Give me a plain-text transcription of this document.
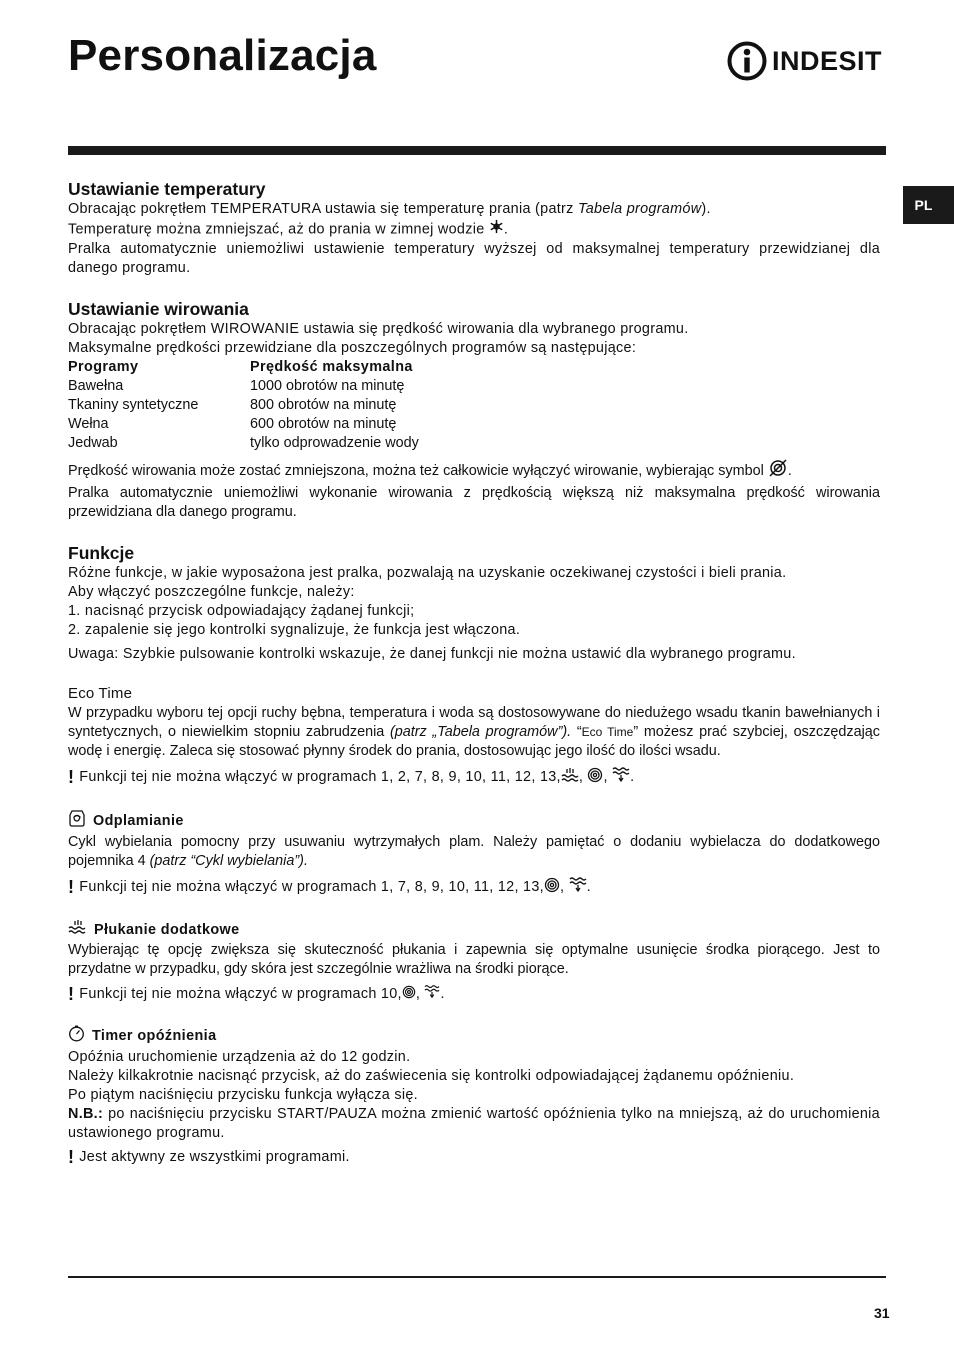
Personalizacja	INDESIT
PL
Ustawianie temperatury

Obracając pokrętłem TEMPERATURA ustawia się temperaturę prania (patrz Tabela programów).

Temperaturę można zmniejszać, aż do prania w zimnej wodzie .

Pralka automatycznie uniemożliwi ustawienie temperatury wyższej od maksymalnej temperatury przewidzianej dla danego programu.

Ustawianie wirowania

Obracając pokrętłem WIROWANIE ustawia się prędkość wirowania dla wybranego programu.

Maksymalne prędkości przewidziane dla poszczególnych programów są następujące:

Programy	Prędkość maksymalna
Bawełna	1000 obrotów na minutę
Tkaniny syntetyczne	800 obrotów na minutę
Wełna	600 obrotów na minutę
Jedwab	tylko odprowadzenie wody

Prędkość wirowania może zostać zmniejszona, można też całkowicie wyłączyć wirowanie, wybierając symbol .

Pralka automatycznie uniemożliwi wykonanie wirowania z prędkością większą niż maksymalna prędkość wirowania przewidziana dla danego programu.

Funkcje

Różne funkcje, w jakie wyposażona jest pralka, pozwalają na uzyskanie oczekiwanej czystości i bieli prania.

Aby włączyć poszczególne funkcje, należy:

1. nacisnąć przycisk odpowiadający żądanej funkcji;

2. zapalenie się jego kontrolki sygnalizuje, że funkcja jest włączona.

Uwaga: Szybkie pulsowanie kontrolki wskazuje, że danej funkcji nie można ustawić dla wybranego programu.

Eco Time

W przypadku wyboru tej opcji ruchy bębna, temperatura i woda są dostosowywane do niedużego wsadu tkanin bawełnianych i syntetycznych, o niewielkim stopniu zabrudzenia (patrz „Tabela programów”). “Eco Time” możesz prać szybciej, oszczędzając wodę i energię. Zaleca się stosować płynny środek do prania, dostosowując jego ilość do ilości wsadu.

! Funkcji tej nie można włączyć w programach 1, 2, 7, 8, 9, 10, 11, 12, 13, , , .
Odplamianie

Cykl wybielania pomocny przy usuwaniu wytrzymałych plam. Należy pamiętać o dodaniu wybielacza do dodatkowego pojemnika 4 (patrz “Cykl wybielania”).

! Funkcji tej nie można włączyć w programach 1, 7, 8, 9, 10, 11, 12, 13, , .
Płukanie dodatkowe

Wybierając tę opcję zwiększa się skuteczność płukania i zapewnia się optymalne usunięcie środka piorącego. Jest to przydatne w przypadku, gdy skóra jest szczególnie wrażliwa na środki piorące.

! Funkcji tej nie można włączyć w programach 10, , .
Timer opóźnienia

Opóźnia uruchomienie urządzenia aż do 12 godzin.

Należy kilkakrotnie nacisnąć przycisk, aż do zaświecenia się kontrolki odpowiadającej żądanemu opóźnieniu.

Po piątym naciśnięciu przycisku funkcja wyłącza się.

N.B.: po naciśnięciu przycisku START/PAUZA można zmienić wartość opóźnienia tylko na mniejszą, aż do uruchomienia ustawionego programu.

! Jest aktywny ze wszystkimi programami.
31
